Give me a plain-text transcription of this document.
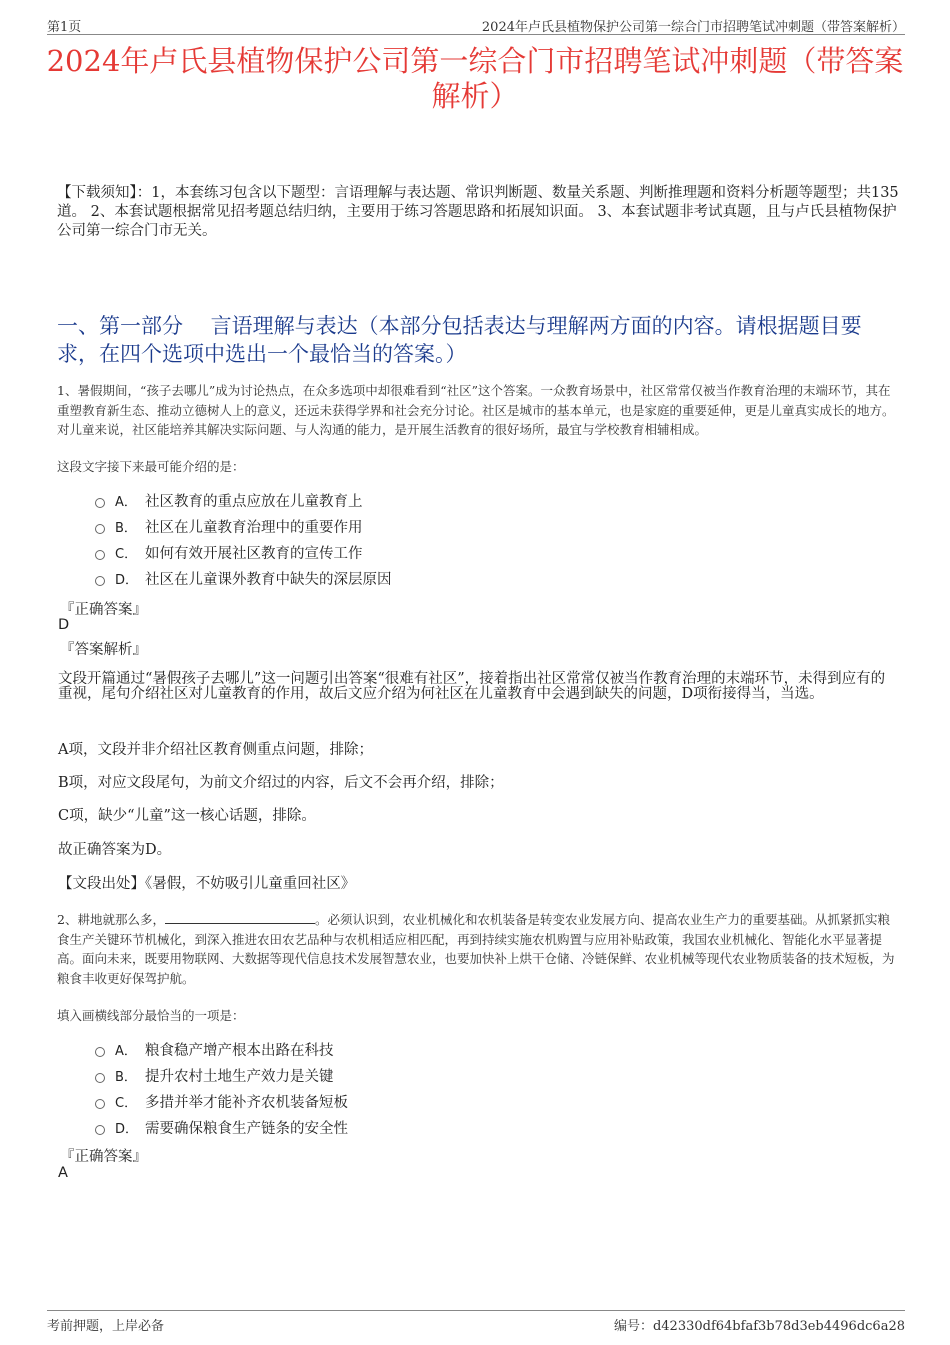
第1页	2024年卢氏县植物保护公司第一综合门市招聘笔试冲刺题（带答案解析）
2024年卢氏县植物保护公司第一综合门市招聘笔试冲刺题（带答案解析）
【下载须知】：1，本套练习包含以下题型：言语理解与表达题、常识判断题、数量关系题、判断推理题和资料分析题等题型；共135道。 2、本套试题根据常见招考题总结归纳，主要用于练习答题思路和拓展知识面。 3、本套试题非考试真题，且与卢氏县植物保护公司第一综合门市无关。
一、第一部分　 言语理解与表达（本部分包括表达与理解两方面的内容。请根据题目要求，在四个选项中选出一个最恰当的答案。）
1、暑假期间，“孩子去哪儿”成为讨论热点，在众多选项中却很难看到“社区”这个答案。一众教育场景中，社区常常仅被当作教育治理的末端环节，其在重塑教育新生态、推动立德树人上的意义，还远未获得学界和社会充分讨论。社区是城市的基本单元，也是家庭的重要延伸，更是儿童真实成长的地方。对儿童来说，社区能培养其解决实际问题、与人沟通的能力，是开展生活教育的很好场所，最宜与学校教育相辅相成。
这段文字接下来最可能介绍的是：
A． 社区教育的重点应放在儿童教育上
B． 社区在儿童教育治理中的重要作用
C． 如何有效开展社区教育的宣传工作
D． 社区在儿童课外教育中缺失的深层原因
『正确答案』
D
『答案解析』
文段开篇通过“暑假孩子去哪儿”这一问题引出答案“很难有社区”，接着指出社区常常仅被当作教育治理的末端环节，未得到应有的重视，尾句介绍社区对儿童教育的作用，故后文应介绍为何社区在儿童教育中会遇到缺失的问题，D项衔接得当，当选。
A项，文段并非介绍社区教育侧重点问题，排除；
B项，对应文段尾句，为前文介绍过的内容，后文不会再介绍，排除；
C项，缺少“儿童”这一核心话题，排除。
故正确答案为D。
【文段出处】《暑假，不妨吸引儿童重回社区》
2、耕地就那么多，	。必须认识到，农业机械化和农机装备是转变农业发展方向、提高农业生产力的重要基础。从抓紧抓实粮食生产关键环节机械化，到深入推进农田农艺品种与农机相适应相匹配，再到持续实施农机购置与应用补贴政策，我国农业机械化、智能化水平显著提高。面向未来，既要用物联网、大数据等现代信息技术发展智慧农业，也要加快补上烘干仓储、冷链保鲜、农业机械等现代农业物质装备的技术短板，为粮食丰收更好保驾护航。
填入画横线部分最恰当的一项是：
A． 粮食稳产增产根本出路在科技
B． 提升农村土地生产效力是关键
C． 多措并举才能补齐农机装备短板
D． 需要确保粮食生产链条的安全性
『正确答案』
A
考前押题，上岸必备	编号：d42330df64bfaf3b78d3eb4496dc6a28
